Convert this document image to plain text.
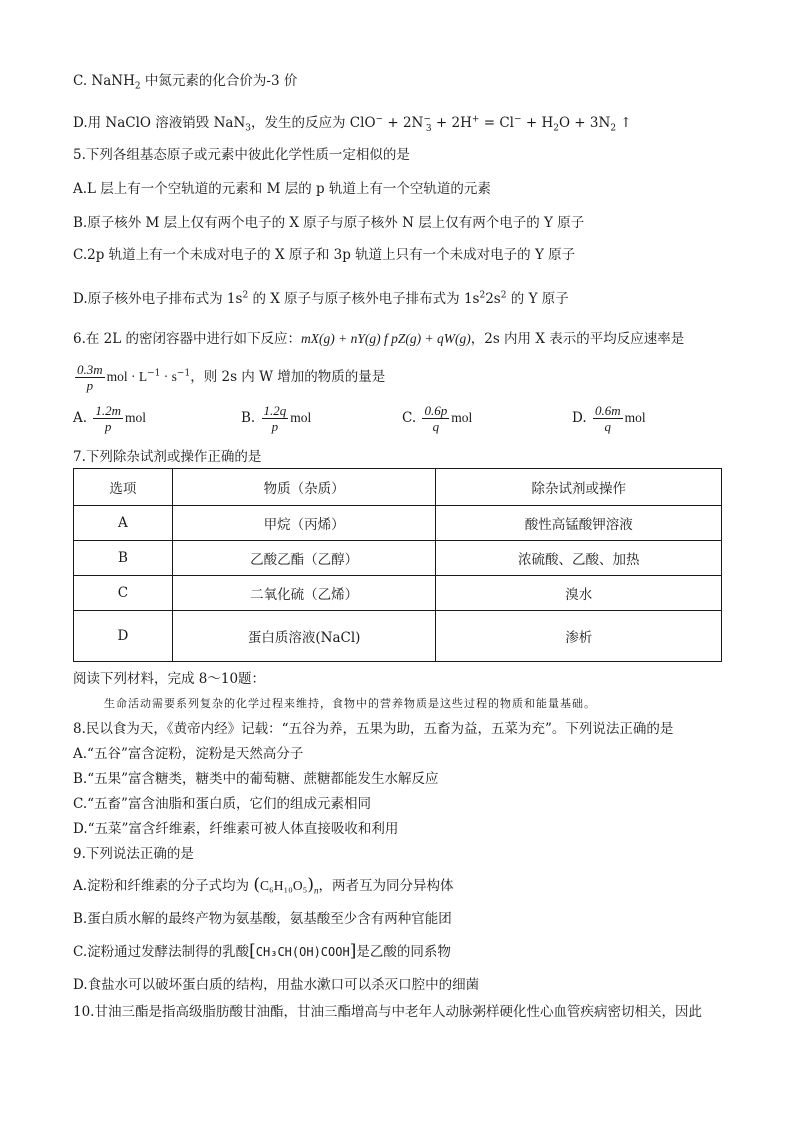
C. NaNH$_2$ 中氮元素的化合价为-3 价
D.用 NaClO 溶液销毁 NaN$_3$，发生的反应为 $ClO^- + 2N^-_3 + 2H^+ = Cl^- + H_2O + 3N_2$ ↑
5.下列各组基态原子或元素中彼此化学性质一定相似的是
A.L 层上有一个空轨道的元素和 M 层的 p 轨道上有一个空轨道的元素
B.原子核外 M 层上仅有两个电子的 X 原子与原子核外 N 层上仅有两个电子的 Y 原子
C.2p 轨道上有一个未成对电子的 X 原子和 3p 轨道上只有一个未成对电子的 Y 原子
D.原子核外电子排布式为 $1s^2$ 的 X 原子与原子核外电子排布式为 $1s^22s^2$ 的 Y 原子
6.在 2L 的密闭容器中进行如下反应：mX(g) + nY(g) f pZ(g) + qW(g)，2s 内用 X 表示的平均反应速率是
$\frac{0.3m}{p}$ mol · $L^{-1} \cdot s^{-1}$，则 2s 内 W 增加的物质的量是
A. $\frac{1.2m}{p}$ mol	B. $\frac{1.2q}{p}$ mol	C. $\frac{0.6p}{q}$ mol	D. $\frac{0.6m}{q}$ mol
7.下列除杂试剂或操作正确的是
选项	物质（杂质）	除杂试剂或操作
A	甲烷（丙烯）	酸性高锰酸钾溶液
B	乙酸乙酯（乙醇）	浓硫酸、乙酸、加热
C	二氧化硫（乙烯）	溴水
D	蛋白质溶液(NaCl)	渗析
阅读下列材料，完成 8～10题：
生命活动需要系列复杂的化学过程来维持，食物中的营养物质是这些过程的物质和能量基础。
8.民以食为天，《黄帝内经》记载：“五谷为养，五果为助，五畜为益，五菜为充”。下列说法正确的是
A.“五谷”富含淀粉，淀粉是天然高分子
B.“五果”富含糖类，糖类中的葡萄糖、蔗糖都能发生水解反应
C.“五畜”富含油脂和蛋白质，它们的组成元素相同
D.“五菜”富含纤维素，纤维素可被人体直接吸收和利用
9.下列说法正确的是
A.淀粉和纤维素的分子式均为 $(C_6H_{10}O_5)_n$，两者互为同分异构体
B.蛋白质水解的最终产物为氨基酸，氨基酸至少含有两种官能团
C.淀粉通过发酵法制得的乳酸[CH₃CH(OH)COOH]是乙酸的同系物
D.食盐水可以破坏蛋白质的结构，用盐水漱口可以杀灭口腔中的细菌
10.甘油三酯是指高级脂肪酸甘油酯，甘油三酯增高与中老年人动脉粥样硬化性心血管疾病密切相关，因此
